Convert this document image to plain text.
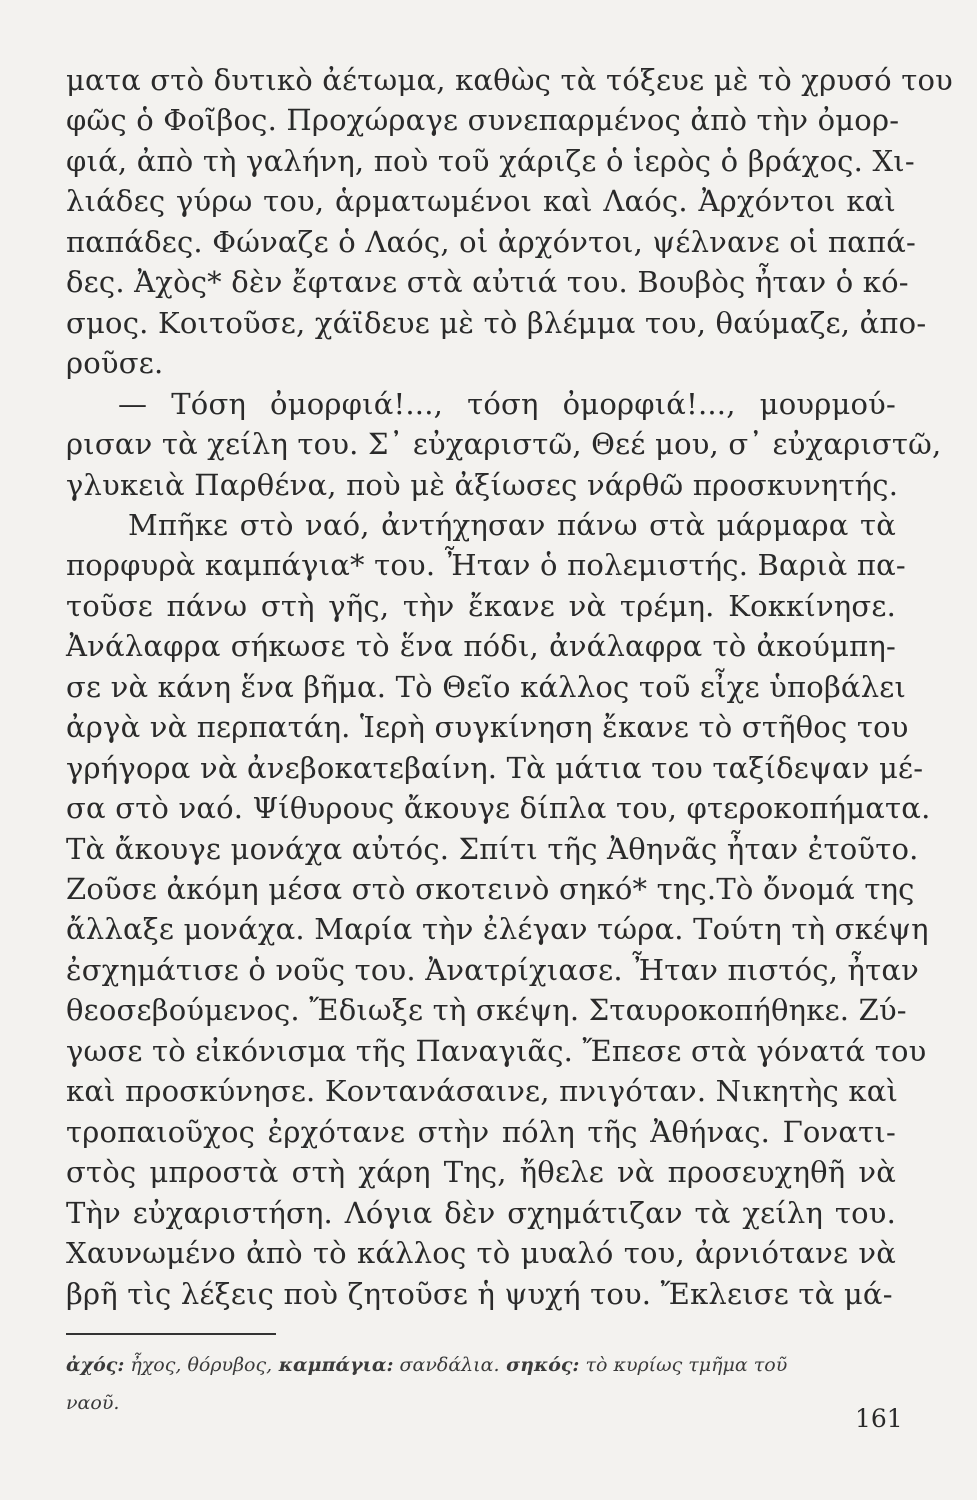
ματα στὸ δυτικὸ ἀέτωμα, καθὼς τὰ τόξευε μὲ τὸ χρυσό του
φῶς ὁ Φοῖβος. Προχώραγε συνεπαρμένος ἀπὸ τὴν ὀμορ-
φιά, ἀπὸ τὴ γαλήνη, ποὺ τοῦ χάριζε ὁ ἱερὸς ὁ βράχος. Χι-
λιάδες γύρω του, ἁρματωμένοι καὶ Λαός. Ἀρχόντοι καὶ
παπάδες. Φώναζε ὁ Λαός, οἱ ἀρχόντοι, ψέλνανε οἱ παπά-
δες. Ἀχὸς* δὲν ἔφτανε στὰ αὐτιά του. Βουβὸς ἦταν ὁ κό-
σμος. Κοιτοῦσε, χάϊδευε μὲ τὸ βλέμμα του, θαύμαζε, ἀπο-
ροῦσε.
— Τόση ὀμορφιά!..., τόση ὀμορφιά!..., μουρμού-
ρισαν τὰ χείλη του. Σ᾽ εὐχαριστῶ, Θεέ μου, σ᾽ εὐχαριστῶ,
γλυκειὰ Παρθένα, ποὺ μὲ ἀξίωσες νάρθῶ προσκυνητής.
Μπῆκε στὸ ναό, ἀντήχησαν πάνω στὰ μάρμαρα τὰ
πορφυρὰ καμπάγια* του. Ἦταν ὁ πολεμιστής. Βαριὰ πα-
τοῦσε πάνω στὴ γῆς, τὴν ἔκανε νὰ τρέμη. Κοκκίνησε.
Ἀνάλαφρα σήκωσε τὸ ἕνα πόδι, ἀνάλαφρα τὸ ἀκούμπη-
σε νὰ κάνη ἕνα βῆμα. Τὸ Θεῖο κάλλος τοῦ εἶχε ὑποβάλει
ἀργὰ νὰ περπατάη. Ἱερὴ συγκίνηση ἔκανε τὸ στῆθος του
γρήγορα νὰ ἀνεβοκατεβαίνη. Τὰ μάτια του ταξίδεψαν μέ-
σα στὸ ναό. Ψίθυρους ἄκουγε δίπλα του, φτεροκοπήματα.
Τὰ ἄκουγε μονάχα αὐτός. Σπίτι τῆς Ἀθηνᾶς ἦταν ἐτοῦτο.
Ζοῦσε ἀκόμη μέσα στὸ σκοτεινὸ σηκό* της.Τὸ ὄνομά της
ἄλλαξε μονάχα. Μαρία τὴν ἐλέγαν τώρα. Τούτη τὴ σκέψη
ἐσχημάτισε ὁ νοῦς του. Ἀνατρίχιασε. Ἦταν πιστός, ἦταν
θεοσεβούμενος. Ἔδιωξε τὴ σκέψη. Σταυροκοπήθηκε. Ζύ-
γωσε τὸ εἰκόνισμα τῆς Παναγιᾶς. Ἔπεσε στὰ γόνατά του
καὶ προσκύνησε. Κοντανάσαινε, πνιγόταν. Νικητὴς καὶ
τροπαιοῦχος ἐρχότανε στὴν πόλη τῆς Ἀθήνας. Γονατι-
στὸς μπροστὰ στὴ χάρη Της, ἤθελε νὰ προσευχηθῆ νὰ
Τὴν εὐχαριστήση. Λόγια δὲν σχημάτιζαν τὰ χείλη του.
Χαυνωμένο ἀπὸ τὸ κάλλος τὸ μυαλό του, ἀρνιότανε νὰ
βρῆ τὶς λέξεις ποὺ ζητοῦσε ἡ ψυχή του. Ἔκλεισε τὰ μά-
ἀχός: ἦχος, θόρυβος, καμπάγια: σανδάλια. σηκός: τὸ κυρίως τμῆμα τοῦ
ναοῦ.
161
